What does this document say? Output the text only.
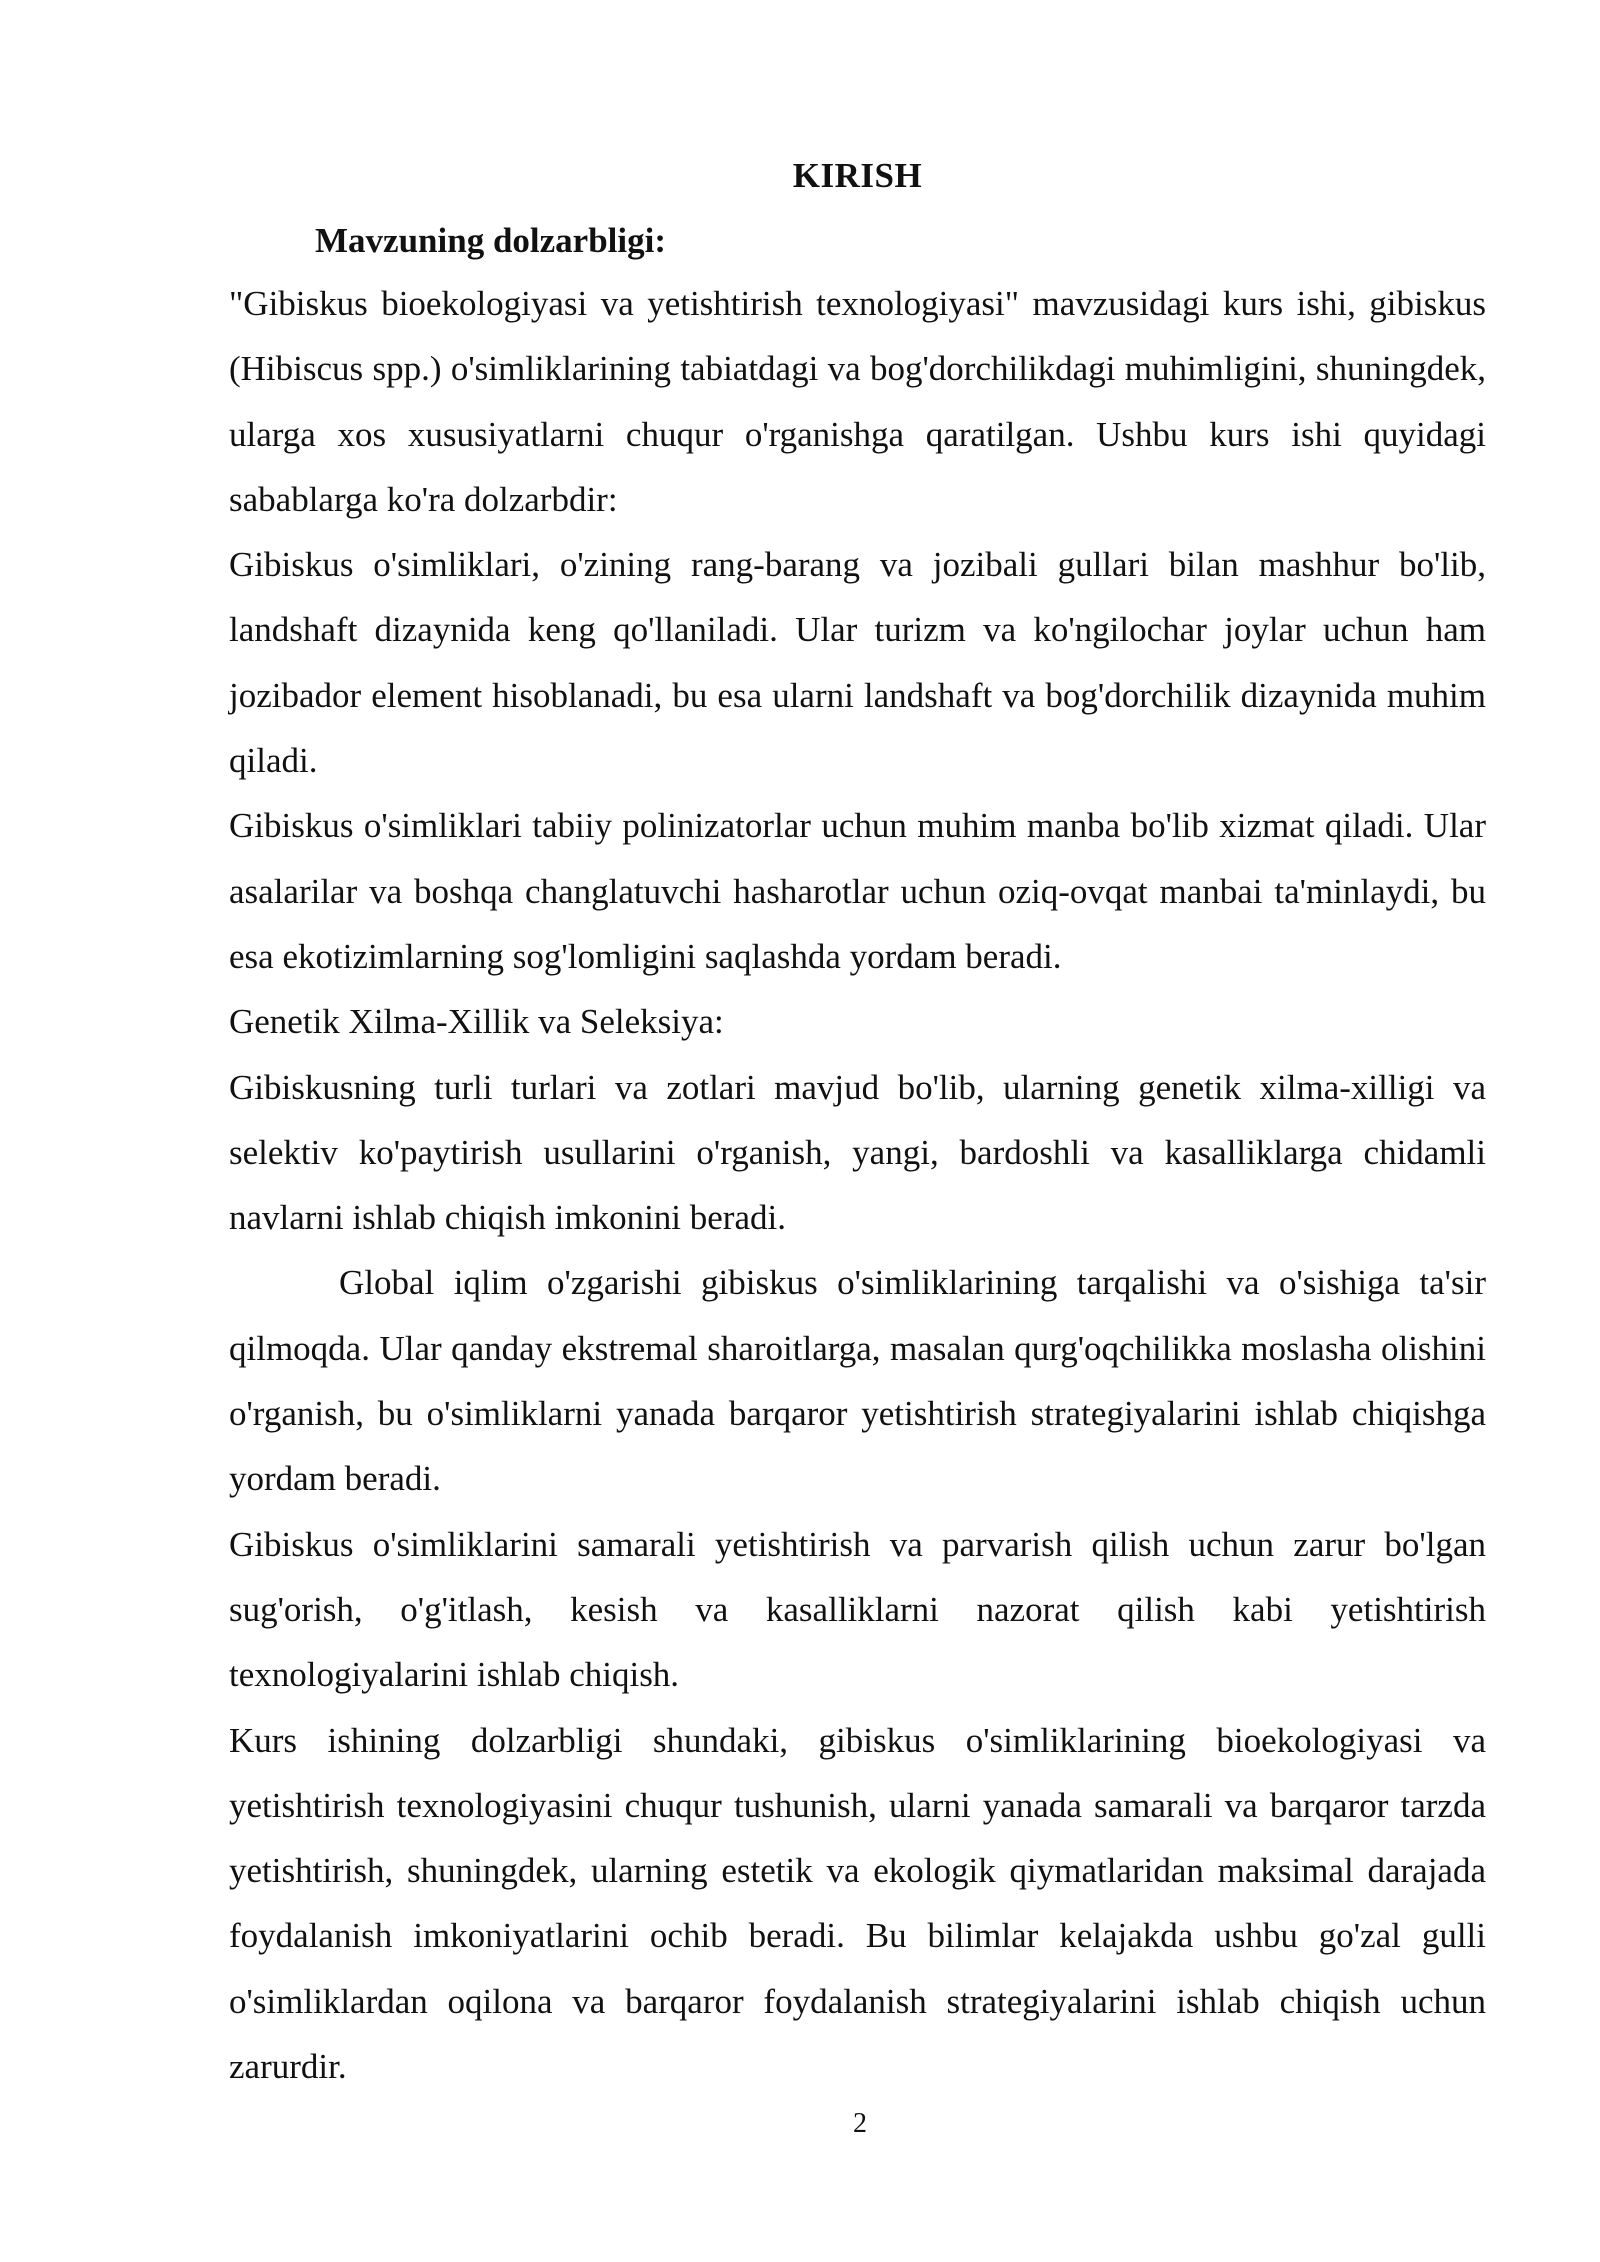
KIRISH
Mavzuning dolzarbligi:

"Gibiskus bioekologiyasi va yetishtirish texnologiyasi" mavzusidagi kurs ishi, gibiskus (Hibiscus spp.) o'simliklarining tabiatdagi va bog'dorchilikdagi muhimligini, shuningdek, ularga xos xususiyatlarni chuqur o'rganishga qaratilgan. Ushbu kurs ishi quyidagi sabablarga ko'ra dolzarbdir:

Gibiskus o'simliklari, o'zining rang-barang va jozibali gullari bilan mashhur bo'lib, landshaft dizaynida keng qo'llaniladi. Ular turizm va ko'ngilochar joylar uchun ham jozibador element hisoblanadi, bu esa ularni landshaft va bog'dorchilik dizaynida muhim qiladi.

Gibiskus o'simliklari tabiiy polinizatorlar uchun muhim manba bo'lib xizmat qiladi. Ular asalarilar va boshqa changlatuvchi hasharotlar uchun oziq-ovqat manbai ta'minlaydi, bu esa ekotizimlarning sog'lomligini saqlashda yordam beradi.

Genetik Xilma-Xillik va Seleksiya:

Gibiskusning turli turlari va zotlari mavjud bo'lib, ularning genetik xilma-xilligi va selektiv ko'paytirish usullarini o'rganish, yangi, bardoshli va kasalliklarga chidamli navlarni ishlab chiqish imkonini beradi.

Global iqlim o'zgarishi gibiskus o'simliklarining tarqalishi va o'sishiga ta'sir qilmoqda. Ular qanday ekstremal sharoitlarga, masalan qurg'oqchilikka moslasha olishini o'rganish, bu o'simliklarni yanada barqaror yetishtirish strategiyalarini ishlab chiqishga yordam beradi.

Gibiskus o'simliklarini samarali yetishtirish va parvarish qilish uchun zarur bo'lgan sug'orish, o'g'itlash, kesish va kasalliklarni nazorat qilish kabi yetishtirish texnologiyalarini ishlab chiqish.

Kurs ishining dolzarbligi shundaki, gibiskus o'simliklarining bioekologiyasi va yetishtirish texnologiyasini chuqur tushunish, ularni yanada samarali va barqaror tarzda yetishtirish, shuningdek, ularning estetik va ekologik qiymatlaridan maksimal darajada foydalanish imkoniyatlarini ochib beradi. Bu bilimlar kelajakda ushbu go'zal gulli o'simliklardan oqilona va barqaror foydalanish strategiyalarini ishlab chiqish uchun zarurdir.

2
